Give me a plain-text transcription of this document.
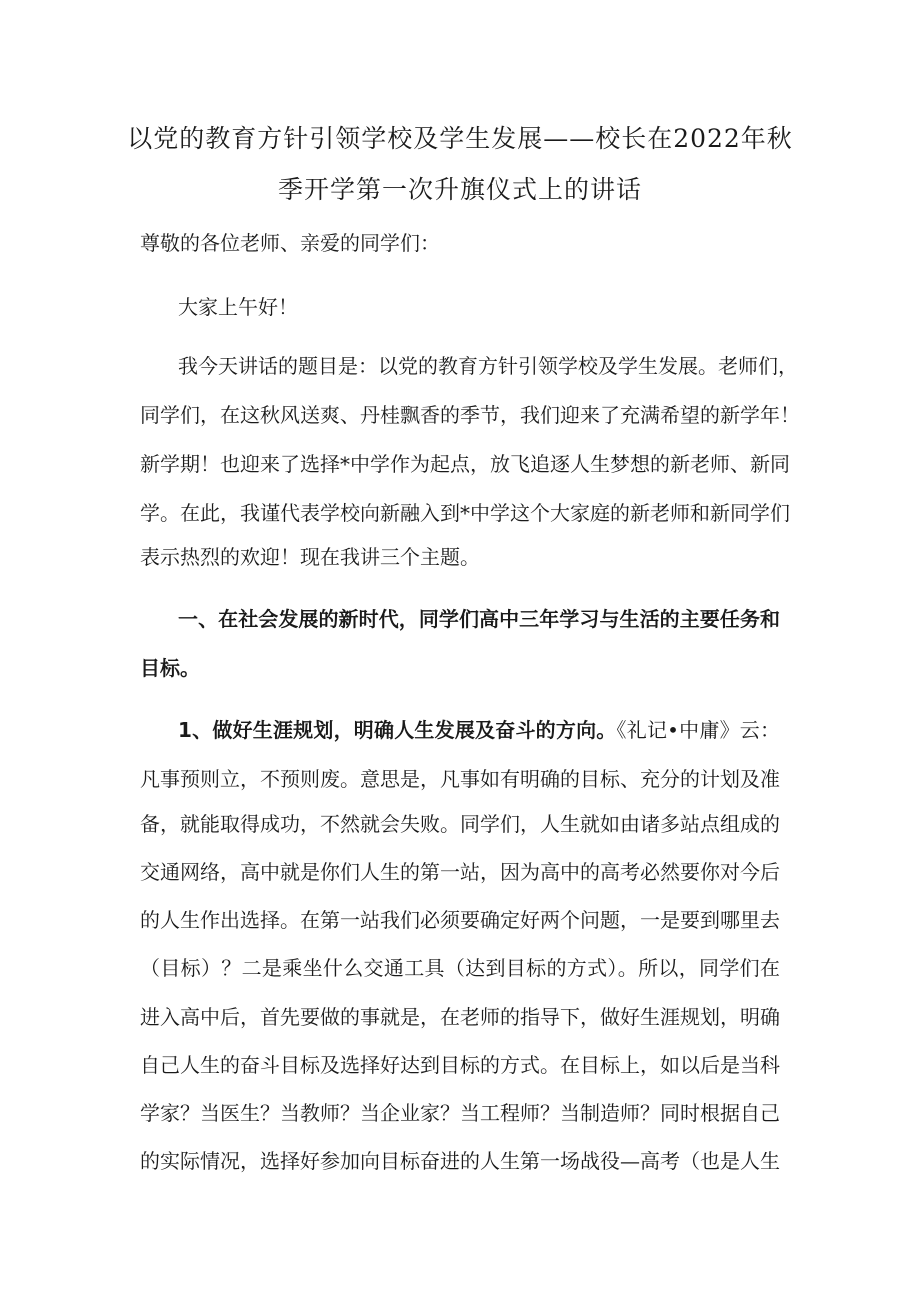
以党的教育方针引领学校及学生发展——校长在2022年秋
季开学第一次升旗仪式上的讲话
尊敬的各位老师、亲爱的同学们：
大家上午好！
我今天讲话的题目是：以党的教育方针引领学校及学生发展。老师们，
同学们，在这秋风送爽、丹桂飘香的季节，我们迎来了充满希望的新学年！
新学期！也迎来了选择*中学作为起点，放飞追逐人生梦想的新老师、新同
学。在此，我谨代表学校向新融入到*中学这个大家庭的新老师和新同学们
表示热烈的欢迎！现在我讲三个主题。
一、在社会发展的新时代，同学们高中三年学习与生活的主要任务和
目标。
1、做好生涯规划，明确人生发展及奋斗的方向。《礼记•中庸》云：
凡事预则立，不预则废。意思是，凡事如有明确的目标、充分的计划及准
备，就能取得成功，不然就会失败。同学们，人生就如由诸多站点组成的
交通网络，高中就是你们人生的第一站，因为高中的高考必然要你对今后
的人生作出选择。在第一站我们必须要确定好两个问题，一是要到哪里去
（目标）？二是乘坐什么交通工具（达到目标的方式）。所以，同学们在
进入高中后，首先要做的事就是，在老师的指导下，做好生涯规划，明确
自己人生的奋斗目标及选择好达到目标的方式。在目标上，如以后是当科
学家？当医生？当教师？当企业家？当工程师？当制造师？同时根据自己
的实际情况，选择好参加向目标奋进的人生第一场战役—高考（也是人生
